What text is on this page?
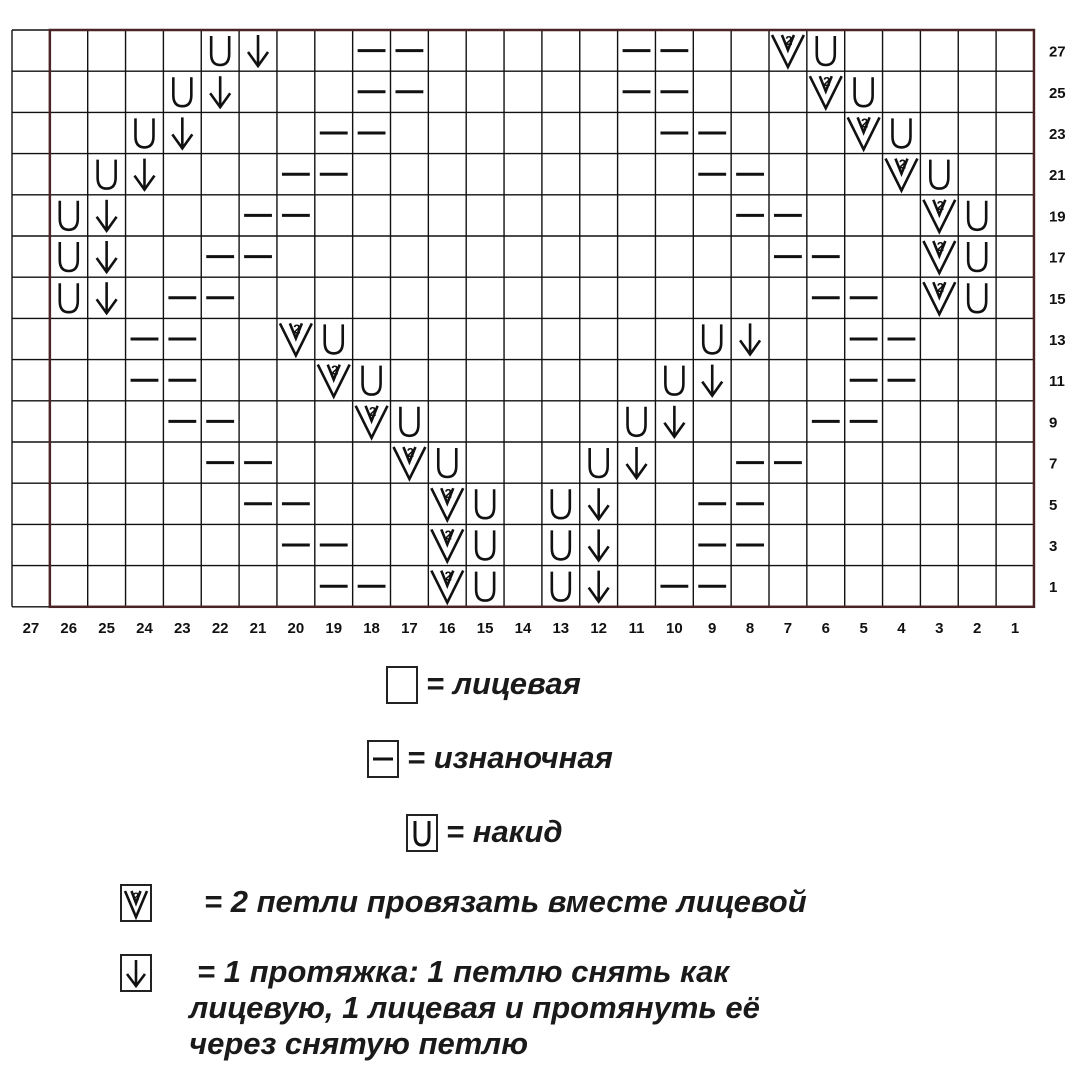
2
2
2
2
2
2
2
2
2
2
2
2
2
2
27
25
23
21
19
17
15
13
11
9
7
5
3
1
27 26 25 24 23 22 21 20 19 18 17 16 15 14 13 12 11 10 9 8 7 6 5 4 3 2 1
= лицевая
= изнаночная
= накид
2 = 2 петли провязать вместе лицевой
= 1 протяжка: 1 петлю снять как
лицевую, 1 лицевая и протянуть её
через снятую петлю
